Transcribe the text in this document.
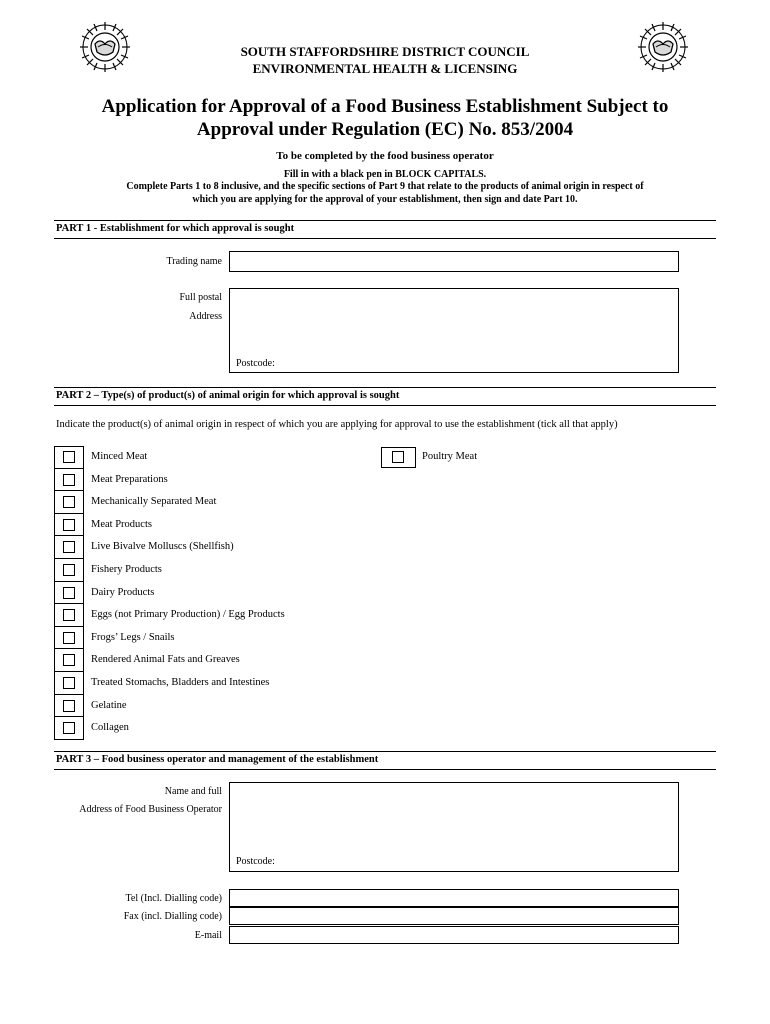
SOUTH STAFFORDSHIRE DISTRICT COUNCIL
ENVIRONMENTAL HEALTH & LICENSING
Application for Approval of a Food Business Establishment Subject to
Approval under Regulation (EC) No. 853/2004
To be completed by the food business operator
Fill in with a black pen in BLOCK CAPITALS.
Complete Parts 1 to 8 inclusive, and the specific sections of Part 9 that relate to the products of animal origin in respect of
which you are applying for the approval of your establishment, then sign and date Part 10.
PART 1 - Establishment for which approval is sought
Trading name
Full postal
Address
Postcode:
PART 2 – Type(s) of product(s) of animal origin for which approval is sought
Indicate the product(s) of animal origin in respect of which you are applying for approval to use the establishment (tick all that apply)
Minced Meat
Meat Preparations
Mechanically Separated Meat
Meat Products
Live Bivalve Molluscs (Shellfish)
Fishery Products
Dairy Products
Eggs (not Primary Production) / Egg Products
Frogs’ Legs / Snails
Rendered Animal Fats and Greaves
Treated Stomachs, Bladders and Intestines
Gelatine
Collagen
Poultry Meat
PART 3 – Food business operator and management of the establishment
Name and full
Address of Food Business Operator
Postcode:
Tel (Incl. Dialling code)
Fax (incl. Dialling code)
E-mail
